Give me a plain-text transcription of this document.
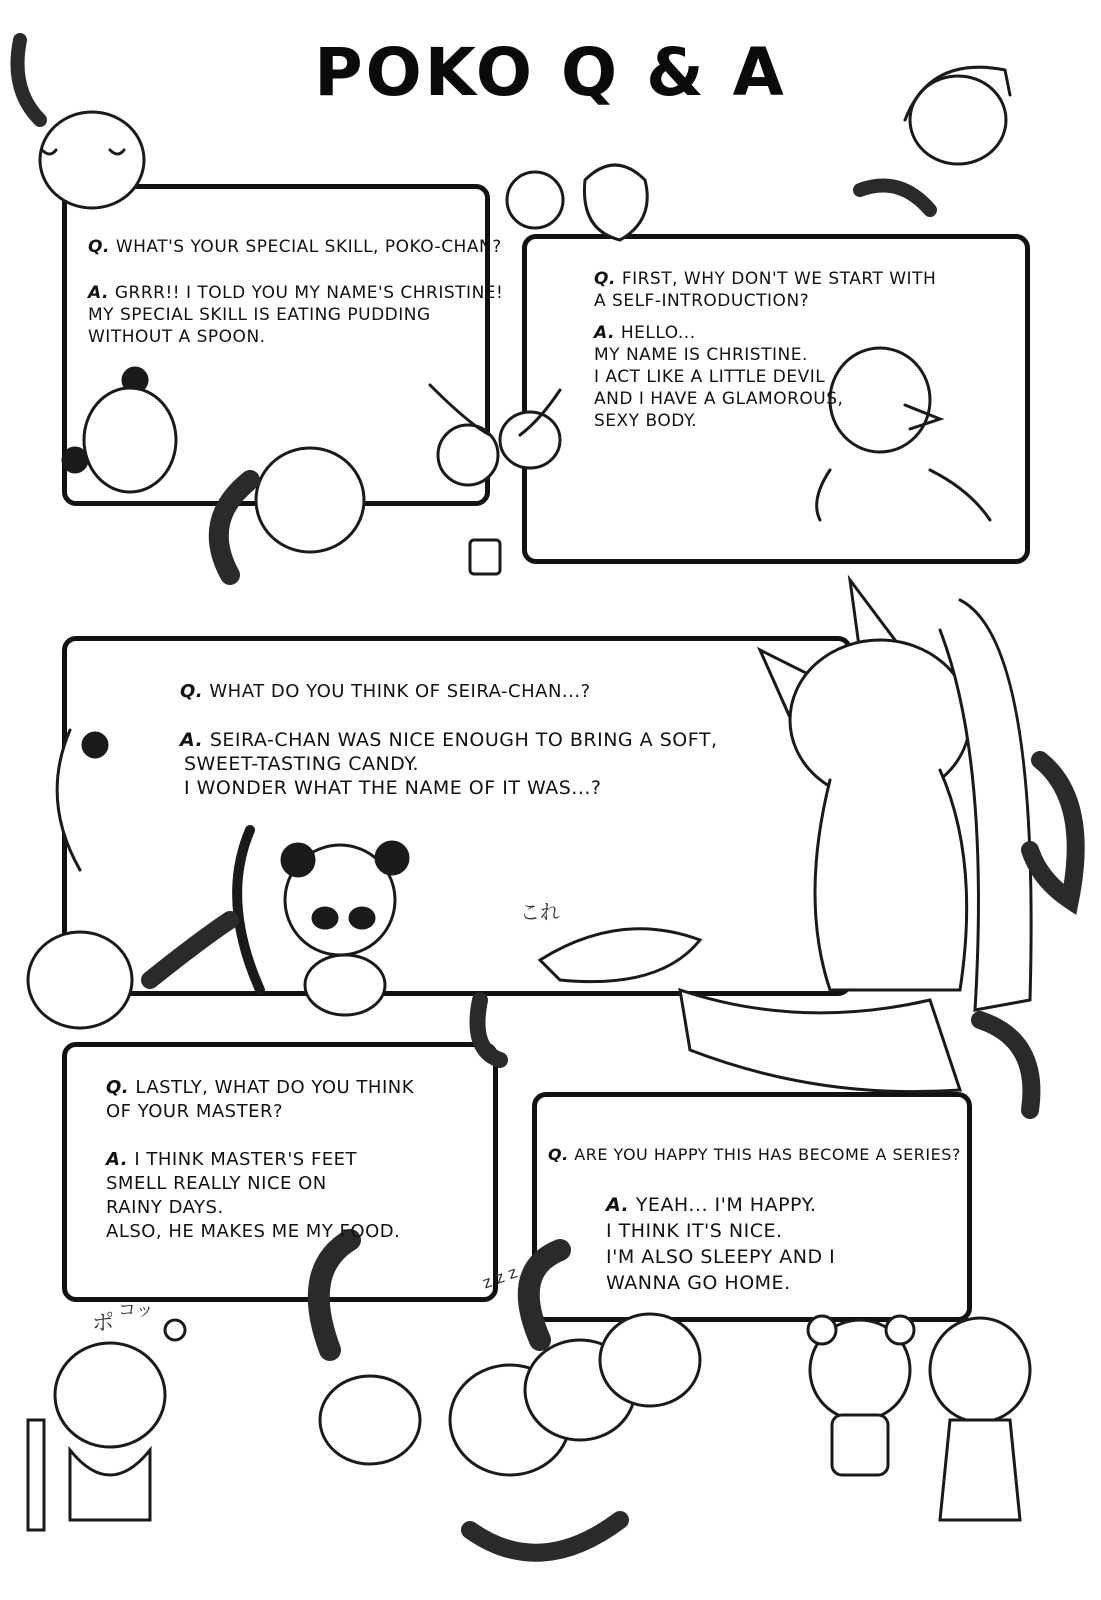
POKO Q & A

Q. WHAT'S YOUR SPECIAL SKILL, POKO-CHAN?

A. GRRR!! I TOLD YOU MY NAME'S CHRISTINE!
MY SPECIAL SKILL IS EATING PUDDING
WITHOUT A SPOON.

Q. FIRST, WHY DON'T WE START WITH
A SELF-INTRODUCTION?

A. HELLO...
MY NAME IS CHRISTINE.
I ACT LIKE A LITTLE DEVIL
AND I HAVE A GLAMOROUS,
SEXY BODY.

Q. WHAT DO YOU THINK OF SEIRA-CHAN...?

A. SEIRA-CHAN WAS NICE ENOUGH TO BRING A SOFT,
SWEET-TASTING CANDY.
I WONDER WHAT THE NAME OF IT WAS...?

Q. LASTLY, WHAT DO YOU THINK
OF YOUR MASTER?

A. I THINK MASTER'S FEET
SMELL REALLY NICE ON
RAINY DAYS.
ALSO, HE MAKES ME MY FOOD.

Q. ARE YOU HAPPY THIS HAS BECOME A SERIES?

A. YEAH... I'M HAPPY.
I THINK IT'S NICE.
I'M ALSO SLEEPY AND I
WANNA GO HOME.

これ
ポ
コッ
z z z
